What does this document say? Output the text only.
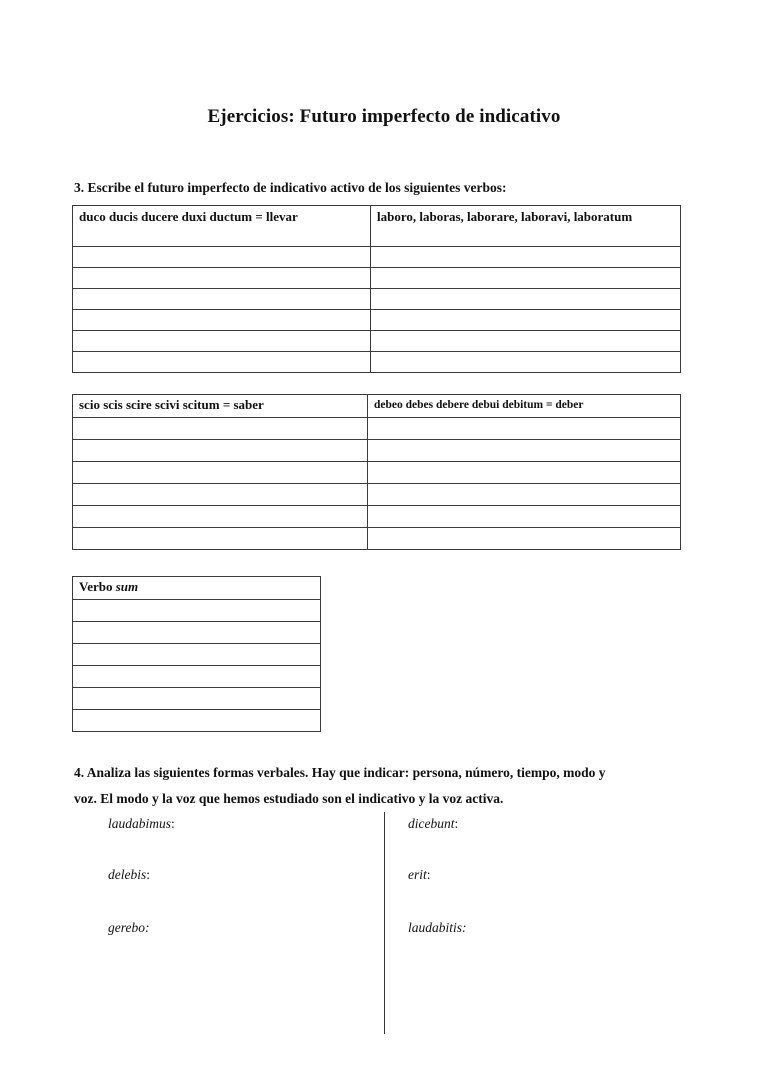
Ejercicios: Futuro imperfecto de indicativo
3. Escribe el futuro imperfecto de indicativo activo de los siguientes verbos:
duco ducis ducere duxi ductum = llevar	laboro, laboras, laborare, laboravi, laboratum

scio scis scire scivi scitum = saber	debeo debes debere debui debitum = deber

Verbo sum

4. Analiza las siguientes formas verbales. Hay que indicar: persona, número, tiempo, modo y
voz. El modo y la voz que hemos estudiado son el indicativo y la voz activa.
laudabimus:	dicebunt:
delebis:	erit:
gerebo:	laudabitis:
